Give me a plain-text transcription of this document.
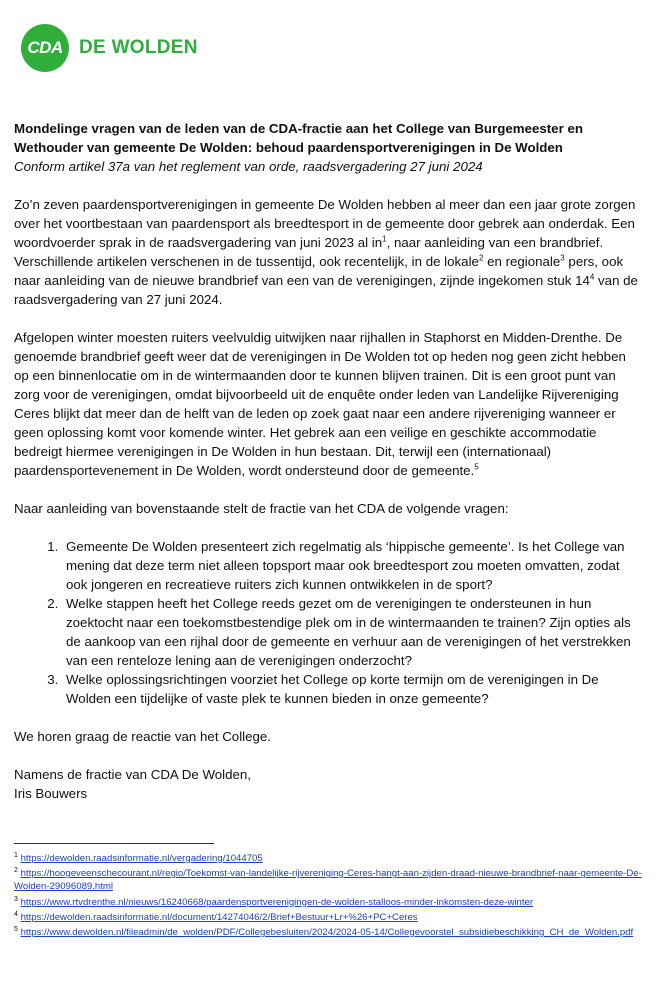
CDA DE WOLDEN

Mondelinge vragen van de leden van de CDA-fractie aan het College van Burgemeester en Wethouder van gemeente De Wolden: behoud paardensportverenigingen in De Wolden

Conform artikel 37a van het reglement van orde, raadsvergadering 27 juni 2024

Zo’n zeven paardensportverenigingen in gemeente De Wolden hebben al meer dan een jaar grote zorgen over het voortbestaan van paardensport als breedtesport in de gemeente door gebrek aan onderdak. Een woordvoerder sprak in de raadsvergadering van juni 2023 al $in^1$, naar aanleiding van een brandbrief. Verschillende artikelen verschenen in de tussentijd, ook recentelijk, in de lokale$^2$ en regionale$^3$ pers, ook naar aanleiding van de nieuwe brandbrief van een van de verenigingen, zijnde ingekomen stuk $14^4$ van de raadsvergadering van 27 juni 2024.

Afgelopen winter moesten ruiters veelvuldig uitwijken naar rijhallen in Staphorst en Midden-Drenthe. De genoemde brandbrief geeft weer dat de verenigingen in De Wolden tot op heden nog geen zicht hebben op een binnenlocatie om in de wintermaanden door te kunnen blijven trainen. Dit is een groot punt van zorg voor de verenigingen, omdat bijvoorbeeld uit de enquête onder leden van Landelijke Rijvereniging Ceres blijkt dat meer dan de helft van de leden op zoek gaat naar een andere rijvereniging wanneer er geen oplossing komt voor komende winter. Het gebrek aan een veilige en geschikte accommodatie bedreigt hiermee verenigingen in De Wolden in hun bestaan. Dit, terwijl een (internationaal) paardensportevenement in De Wolden, wordt ondersteund door de gemeente.$^5$

Naar aanleiding van bovenstaande stelt de fractie van het CDA de volgende vragen:

1. Gemeente De Wolden presenteert zich regelmatig als ‘hippische gemeente’. Is het College van mening dat deze term niet alleen topsport maar ook breedtesport zou moeten omvatten, zodat ook jongeren en recreatieve ruiters zich kunnen ontwikkelen in de sport?
2. Welke stappen heeft het College reeds gezet om de verenigingen te ondersteunen in hun zoektocht naar een toekomstbestendige plek om in de wintermaanden te trainen? Zijn opties als de aankoop van een rijhal door de gemeente en verhuur aan de verenigingen of het verstrekken van een renteloze lening aan de verenigingen onderzocht?
3. Welke oplossingsrichtingen voorziet het College op korte termijn om de verenigingen in De Wolden een tijdelijke of vaste plek te kunnen bieden in onze gemeente?

We horen graag de reactie van het College.

Namens de fractie van CDA De Wolden,

Iris Bouwers

$^1$ https://dewolden.raadsinformatie.nl/vergadering/1044705

$^2$ https://hoogeveenschecourant.nl/regio/Toekomst-van-landelijke-rijvereniging-Ceres-hangt-aan-zijden-draad-nieuwe-brandbrief-naar-gemeente-De-Wolden-29096089.html

$^3$ https://www.rtvdrenthe.nl/nieuws/16240668/paardensportverenigingen-de-wolden-stalloos-minder-inkomsten-deze-winter

$^4$ https://dewolden.raadsinformatie.nl/document/14274046/2/Brief+Bestuur+Lr+%26+PC+Ceres

$^5$ https://www.dewolden.nl/fileadmin/de_wolden/PDF/Collegebesluiten/2024/2024-05-14/Collegevoorstel_subsidiebeschikking_CH_de_Wolden.pdf
